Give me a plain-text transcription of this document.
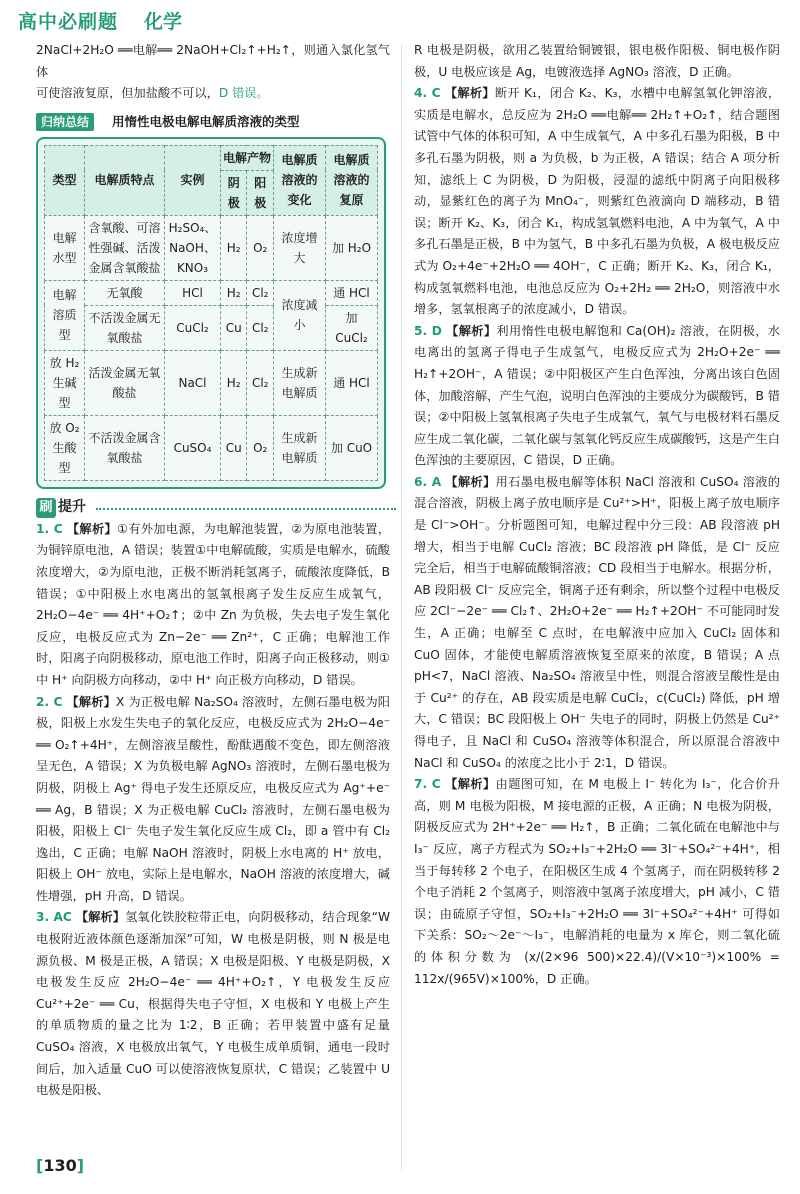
高中必刷题 化学
2NaCl+2H₂O ══电解══ 2NaOH+Cl₂↑+H₂↑，则通入氯化氢气体
可使溶液复原，但加盐酸不可以，D 错误。
归纳总结	用惰性电极电解电解质溶液的类型
类型	电解质特点	实例	电解产物		电解质溶液的变化	电解质溶液的复原
			阴极	阳极		
电解水型	含氧酸、可溶性强碱、活泼金属含氧酸盐	H₂SO₄、NaOH、KNO₃	H₂	O₂	浓度增大	加 H₂O
电解溶质型	无氧酸	HCl	H₂	Cl₂	浓度减小	通 HCl
	不活泼金属无氧酸盐	CuCl₂	Cu	Cl₂		加 CuCl₂
放 H₂ 生碱型	活泼金属无氧酸盐	NaCl	H₂	Cl₂	生成新电解质	通 HCl
放 O₂ 生酸型	不活泼金属含氧酸盐	CuSO₄	Cu	O₂	生成新电解质	加 CuO
刷 提升
1. C 【解析】①有外加电源，为电解池装置，②为原电池装置，为铜锌原电池，A 错误；装置①中电解硫酸，实质是电解水，硫酸浓度增大，②为原电池，正极不断消耗氢离子，硫酸浓度降低，B 错误；①中阳极上水电离出的氢氧根离子发生反应生成氧气，2H₂O−4e⁻ ══ 4H⁺+O₂↑；②中 Zn 为负极，失去电子发生氧化反应，电极反应式为 Zn−2e⁻ ══ Zn²⁺，C 正确；电解池工作时，阳离子向阴极移动，原电池工作时，阳离子向正极移动，则①中 H⁺ 向阴极方向移动，②中 H⁺ 向正极方向移动，D 错误。
2. C 【解析】X 为正极电解 Na₂SO₄ 溶液时，左侧石墨电极为阳极，阳极上水发生失电子的氧化反应，电极反应式为 2H₂O−4e⁻ ══ O₂↑+4H⁺，左侧溶液呈酸性，酚酞遇酸不变色，即左侧溶液呈无色，A 错误；X 为负极电解 AgNO₃ 溶液时，左侧石墨电极为阴极，阴极上 Ag⁺ 得电子发生还原反应，电极反应式为 Ag⁺+e⁻ ══ Ag，B 错误；X 为正极电解 CuCl₂ 溶液时，左侧石墨电极为阳极，阳极上 Cl⁻ 失电子发生氧化反应生成 Cl₂，即 a 管中有 Cl₂ 逸出，C 正确；电解 NaOH 溶液时，阴极上水电离的 H⁺ 放电，阳极上 OH⁻ 放电，实际上是电解水，NaOH 溶液的浓度增大，碱性增强，pH 升高，D 错误。
3. AC 【解析】氢氧化铁胶粒带正电，向阴极移动，结合现象“W 电极附近液体颜色逐渐加深”可知，W 电极是阴极，则 N 极是电源负极、M 极是正极，A 错误；X 电极是阳极、Y 电极是阴极，X 电极发生反应 2H₂O−4e⁻ ══ 4H⁺+O₂↑，Y 电极发生反应 Cu²⁺+2e⁻ ══ Cu，根据得失电子守恒，X 电极和 Y 电极上产生的单质物质的量之比为 1∶2，B 正确；若甲装置中盛有足量 CuSO₄ 溶液，X 电极放出氧气，Y 电极生成单质铜，通电一段时间后，加入适量 CuO 可以使溶液恢复原状，C 错误；乙装置中 U 电极是阳极、
R 电极是阴极，欲用乙装置给铜镀银，银电极作阳极、铜电极作阴极，U 电极应该是 Ag，电镀液选择 AgNO₃ 溶液，D 正确。
4. C 【解析】断开 K₁，闭合 K₂、K₃，水槽中电解氢氧化钾溶液，实质是电解水，总反应为 2H₂O ══电解══ 2H₂↑+O₂↑，结合题图试管中气体的体积可知，A 中生成氧气，A 中多孔石墨为阳极，B 中多孔石墨为阴极，则 a 为负极，b 为正极，A 错误；结合 A 项分析知，滤纸上 C 为阴极，D 为阳极，浸湿的滤纸中阴离子向阳极移动，显紫红色的离子为 MnO₄⁻，则紫红色液滴向 D 端移动，B 错误；断开 K₂、K₃，闭合 K₁，构成氢氧燃料电池，A 中为氧气，A 中多孔石墨是正极，B 中为氢气，B 中多孔石墨为负极，A 极电极反应式为 O₂+4e⁻+2H₂O ══ 4OH⁻，C 正确；断开 K₂、K₃，闭合 K₁，构成氢氧燃料电池，电池总反应为 O₂+2H₂ ══ 2H₂O，则溶液中水增多，氢氧根离子的浓度减小，D 错误。
5. D 【解析】利用惰性电极电解饱和 Ca(OH)₂ 溶液，在阴极，水电离出的氢离子得电子生成氢气，电极反应式为 2H₂O+2e⁻ ══ H₂↑+2OH⁻，A 错误；②中阳极区产生白色浑浊，分离出该白色固体，加酸溶解，产生气泡，说明白色浑浊的主要成分为碳酸钙，B 错误；②中阳极上氢氧根离子失电子生成氧气，氧气与电极材料石墨反应生成二氧化碳，二氧化碳与氢氧化钙反应生成碳酸钙，这是产生白色浑浊的主要原因，C 错误，D 正确。
6. A 【解析】用石墨电极电解等体积 NaCl 溶液和 CuSO₄ 溶液的混合溶液，阴极上离子放电顺序是 Cu²⁺>H⁺，阳极上离子放电顺序是 Cl⁻>OH⁻。分析题图可知，电解过程中分三段：AB 段溶液 pH 增大，相当于电解 CuCl₂ 溶液；BC 段溶液 pH 降低，是 Cl⁻ 反应完全后，相当于电解硫酸铜溶液；CD 段相当于电解水。根据分析，AB 段阳极 Cl⁻ 反应完全，铜离子还有剩余，所以整个过程中电极反应 2Cl⁻−2e⁻ ══ Cl₂↑、2H₂O+2e⁻ ══ H₂↑+2OH⁻ 不可能同时发生，A 正确；电解至 C 点时，在电解液中应加入 CuCl₂ 固体和 CuO 固体，才能使电解质溶液恢复至原来的浓度，B 错误；A 点 pH<7，NaCl 溶液、Na₂SO₄ 溶液呈中性，则混合溶液呈酸性是由于 Cu²⁺ 的存在，AB 段实质是电解 CuCl₂，c(CuCl₂) 降低，pH 增大，C 错误；BC 段阳极上 OH⁻ 失电子的同时，阴极上仍然是 Cu²⁺ 得电子，且 NaCl 和 CuSO₄ 溶液等体积混合，所以原混合溶液中 NaCl 和 CuSO₄ 的浓度之比小于 2∶1，D 错误。
7. C 【解析】由题图可知，在 M 电极上 I⁻ 转化为 I₃⁻，化合价升高，则 M 电极为阳极，M 接电源的正极，A 正确；N 电极为阴极，阴极反应式为 2H⁺+2e⁻ ══ H₂↑，B 正确；二氧化硫在电解池中与 I₃⁻ 反应，离子方程式为 SO₂+I₃⁻+2H₂O ══ 3I⁻+SO₄²⁻+4H⁺，相当于每转移 2 个电子，在阳极区生成 4 个氢离子，而在阴极转移 2 个电子消耗 2 个氢离子，则溶液中氢离子浓度增大，pH 减小，C 错误；由硫原子守恒，SO₂+I₃⁻+2H₂O ══ 3I⁻+SO₄²⁻+4H⁺ 可得如下关系：SO₂～2e⁻～I₃⁻，电解消耗的电量为 x 库仑，则二氧化硫的体积分数为 (x/(2×96 500)×22.4)/(V×10⁻³)×100% = 112x/(965V)×100%，D 正确。
[130]
